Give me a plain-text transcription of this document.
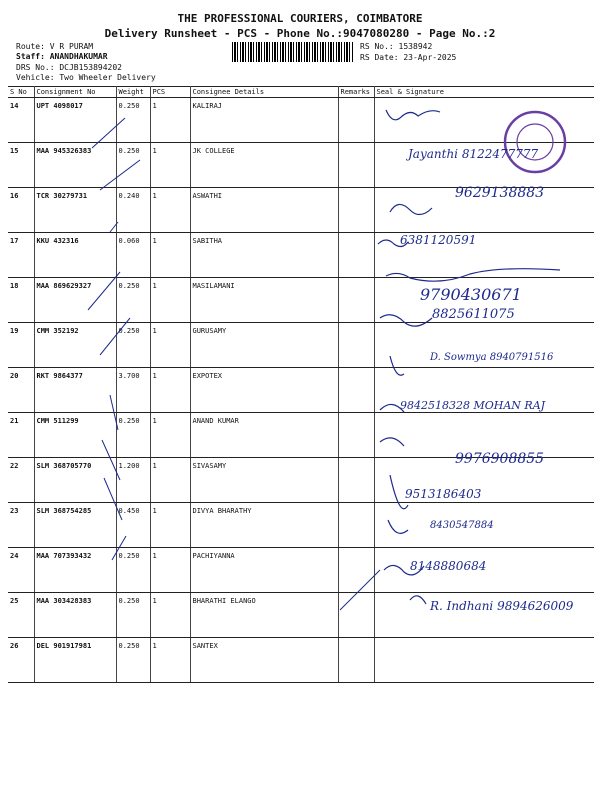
THE PROFESSIONAL COURIERS, COIMBATORE
Delivery Runsheet - PCS - Phone No.:9047080280 - Page No.:2
Route: V R PURAM
Staff: ANANDHAKUMAR
DRS No.: DCJB153894202
Vehicle: Two Wheeler Delivery
RS No.: 1538942
RS Date: 23-Apr-2025
S No	Consignment No	Weight	PCS	Consignee Details	Remarks	Seal & Signature
14	UPT 4098017	0.250	1	KALIRAJ		
15	MAA 945326383	0.250	1	JK COLLEGE		
16	TCR 30279731	0.240	1	ASWATHI		
17	KKU 432316	0.060	1	SABITHA		
18	MAA 869629327	0.250	1	MASILAMANI		
19	CMM 352192	0.250	1	GURUSAMY		
20	RKT 9864377	3.700	1	EXPOTEX		
21	CMM 511299	0.250	1	ANAND KUMAR		
22	SLM 368705770	1.200	1	SIVASAMY		
23	SLM 368754285	0.450	1	DIVYA BHARATHY		
24	MAA 707393432	0.250	1	PACHIYANNA		
25	MAA 303428383	0.250	1	BHARATHI ELANGO		
26	DEL 901917981	0.250	1	SANTEX		
Jayanthi 8122477777
9629138883
6381120591
9790430671
8825611075
D. Sowmya 8940791516
9842518328 MOHAN RAJ
9976908855
9513186403
8430547884
8148880684
R. Indhani 9894626009
